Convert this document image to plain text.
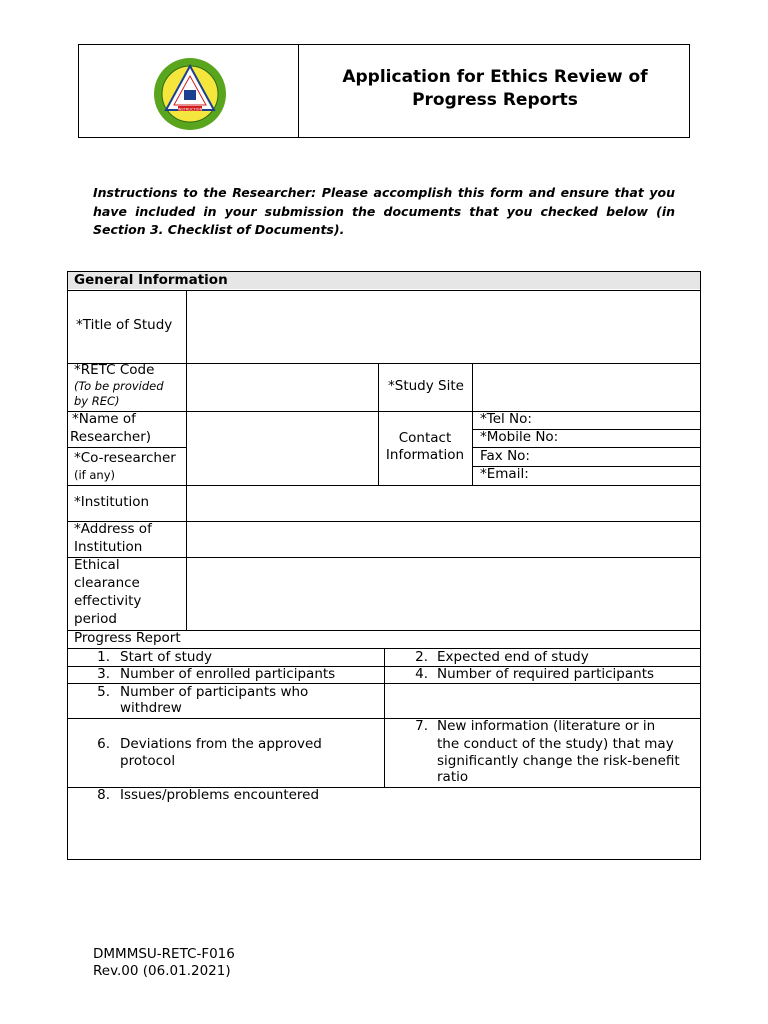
INSTRUCTION
Application for Ethics Review of
Progress Reports
Instructions to the Researcher: Please accomplish this form and ensure that you have included in your submission the documents that you checked below (in Section 3. Checklist of Documents).
General Information
*Title of Study
*RETC Code
(To be provided
by REC)
*Study Site
*Name of
Researcher)
*Co-researcher
(if any)
Contact
Information
*Tel No:
*Mobile No:
Fax No:
*Email:
*Institution
*Address of
Institution
Ethical
clearance
effectivity
period
Progress Report
1. Start of study	2. Expected end of study
3. Number of enrolled participants	4. Number of required participants
5. Number of participants who
withdrew
6. Deviations from the approved
protocol
7. New information (literature or in
the conduct of the study) that may
significantly change the risk-benefit
ratio
8. Issues/problems encountered
DMMMSU-RETC-F016
Rev.00 (06.01.2021)
